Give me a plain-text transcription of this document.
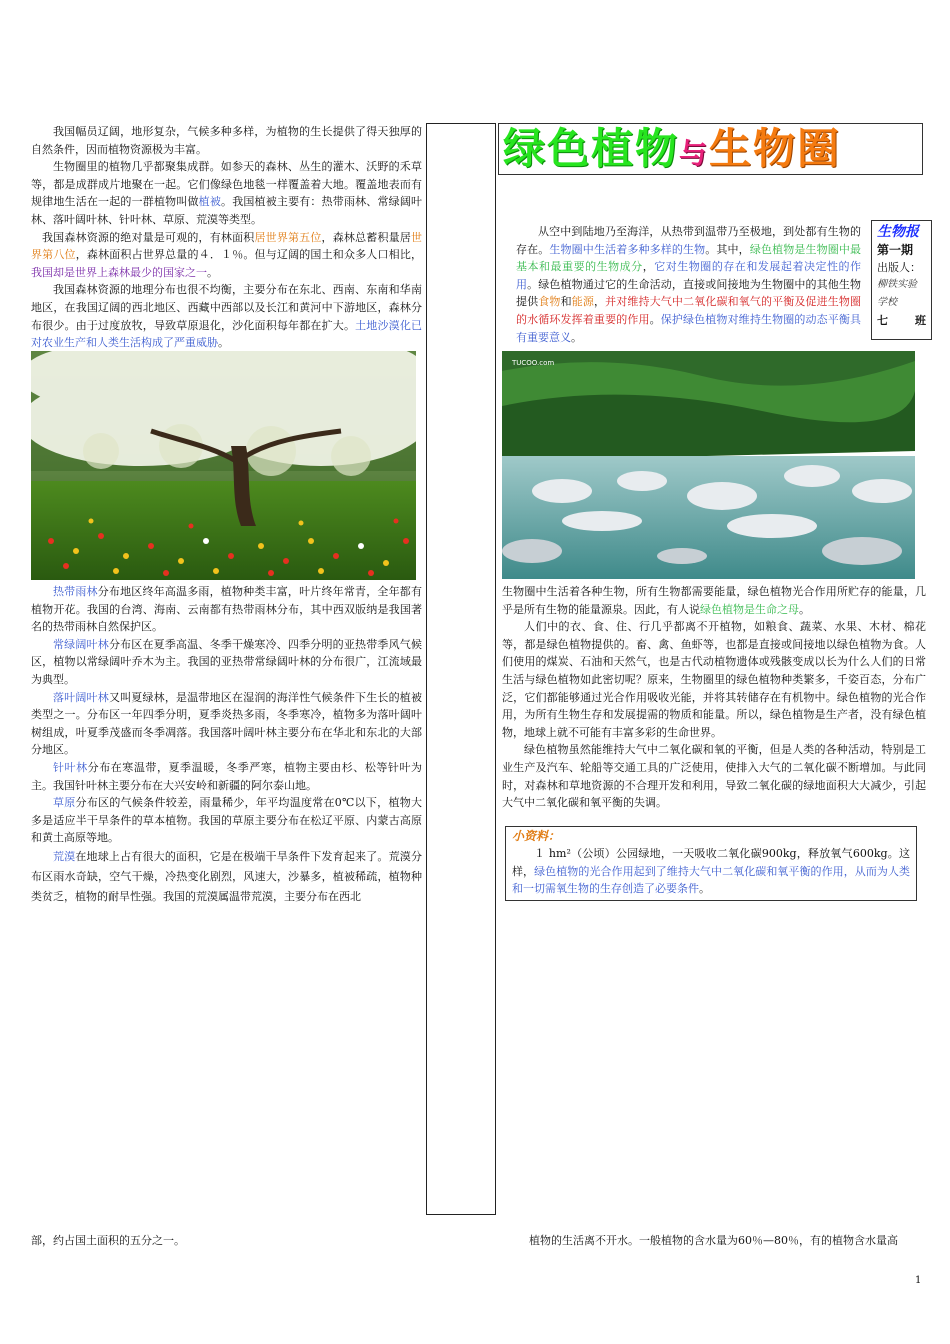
我国幅员辽阔，地形复杂，气候多种多样，为植物的生长提供了得天独厚的自然条件，因而植物资源极为丰富。

生物圈里的植物几乎都聚集成群。如参天的森林、丛生的灌木、沃野的禾草等，都是成群成片地聚在一起。它们像绿色地毯一样覆盖着大地。覆盖地表而有规律地生活在一起的一群植物叫做植被。我国植被主要有：热带雨林、常绿阔叶林、落叶阔叶林、针叶林、草原、荒漠等类型。

我国森林资源的绝对量是可观的，有林面积居世界第五位，森林总蓄积量居世界第八位，森林面积占世界总量的４．１％。但与辽阔的国土和众多人口相比，我国却是世界上森林最少的国家之一。

我国森林资源的地理分布也很不均衡，主要分布在东北、西南、东南和华南地区，在我国辽阔的西北地区、西藏中西部以及长江和黄河中下游地区，森林分布很少。由于过度放牧，导致草原退化，沙化面积每年都在扩大。土地沙漠化已对农业生产和人类生活构成了严重威胁。

绿色植物与生物圈

从空中到陆地乃至海洋，从热带到温带乃至极地，到处都有生物的存在。生物圈中生活着多种多样的生物。其中，绿色植物是生物圈中最基本和最重要的生物成分，它对生物圈的存在和发展起着决定性的作用。绿色植物通过它的生命活动，直接或间接地为生物圈中的其他生物提供食物和能源，并对维持大气中二氧化碳和氧气的平衡及促进生物圈的水循环发挥着重要的作用。保护绿色植物对维持生物圈的动态平衡具有重要意义。

生物报
第一期
出版人：
柳铁实验学校
七 班
TUCOO.com

热带雨林分布地区终年高温多雨，植物种类丰富，叶片终年常青，全年都有植物开花。我国的台湾、海南、云南都有热带雨林分布，其中西双版纳是我国著名的热带雨林自然保护区。

常绿阔叶林分布区在夏季高温、冬季干燥寒冷、四季分明的亚热带季风气候区，植物以常绿阔叶乔木为主。我国的亚热带常绿阔叶林的分布很广，江流域最为典型。

落叶阔叶林又叫夏绿林，是温带地区在湿润的海洋性气候条件下生长的植被类型之一。分布区一年四季分明，夏季炎热多雨，冬季寒冷，植物多为落叶阔叶树组成，叶夏季茂盛而冬季凋落。我国落叶阔叶林主要分布在华北和东北的大部分地区。

针叶林分布在寒温带，夏季温暖，冬季严寒，植物主要由杉、松等针叶为主。我国针叶林主要分布在大兴安岭和新疆的阿尔泰山地。

草原分布区的气候条件较差，雨量稀少，年平均温度常在0℃以下，植物大多是适应半干旱条件的草本植物。我国的草原主要分布在松辽平原、内蒙古高原和黄土高原等地。

荒漠在地球上占有很大的面积，它是在极端干旱条件下发育起来了。荒漠分布区雨水奇缺，空气干燥，冷热变化剧烈，风速大，沙暴多，植被稀疏，植物种类贫乏，植物的耐旱性强。我国的荒漠属温带荒漠，主要分布在西北

生物圈中生活着各种生物，所有生物都需要能量，绿色植物光合作用所贮存的能量，几乎是所有生物的能量源泉。因此，有人说绿色植物是生命之母。

人们中的衣、食、住、行几乎都离不开植物，如粮食、蔬菜、水果、木材、棉花等，都是绿色植物提供的。畜、禽、鱼虾等，也都是直接或间接地以绿色植物为食。人们使用的煤炭、石油和天然气，也是古代动植物遗体或残骸变成以长为什么人们的日常生活与绿色植物如此密切呢？原来，生物圈里的绿色植物种类繁多，千姿百态，分布广泛，它们都能够通过光合作用吸收光能，并将其转储存在有机物中。绿色植物的光合作用，为所有生物生存和发展提需的物质和能量。所以，绿色植物是生产者，没有绿色植物，地球上就不可能有丰富多彩的生命世界。

绿色植物虽然能维持大气中二氧化碳和氧的平衡，但是人类的各种活动，特别是工业生产及汽车、轮船等交通工具的广泛使用，使排入大气的二氧化碳不断增加。与此同时，对森林和草地资源的不合理开发和利用，导致二氧化碳的绿地面积大大减少，引起大气中二氧化碳和氧平衡的失调。

小资料：

１ hm²（公顷）公园绿地，一天吸收二氧化碳900kg，释放氧气600kg。这样，绿色植物的光合作用起到了维持大气中二氧化碳和氧平衡的作用，从而为人类和一切需氧生物的生存创造了必要条件。

部，约占国土面积的五分之一。	植物的生活离不开水。一般植物的含水量为60％—80％，有的植物含水量高
1
